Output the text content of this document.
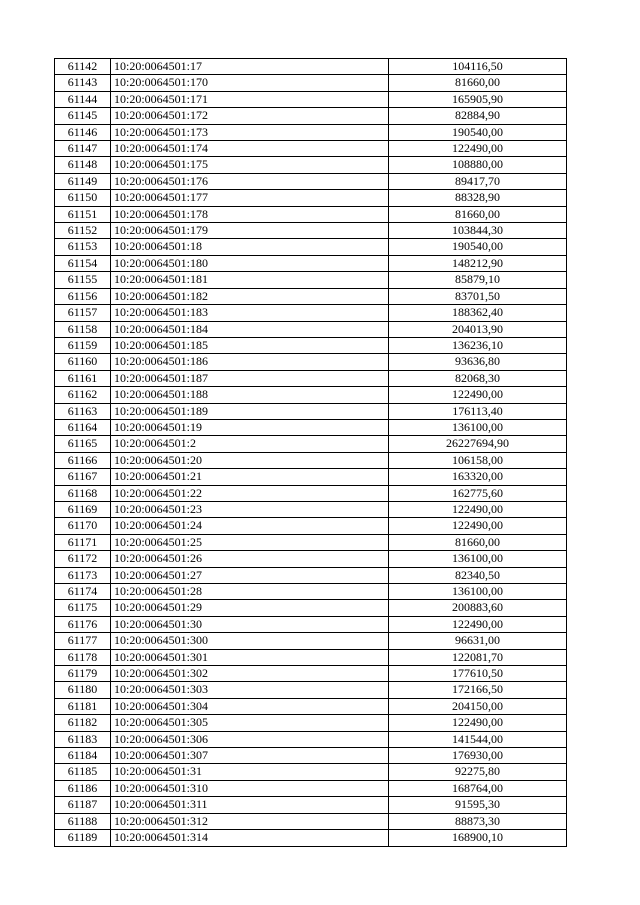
61142	10:20:0064501:17	104116,50
61143	10:20:0064501:170	81660,00
61144	10:20:0064501:171	165905,90
61145	10:20:0064501:172	82884,90
61146	10:20:0064501:173	190540,00
61147	10:20:0064501:174	122490,00
61148	10:20:0064501:175	108880,00
61149	10:20:0064501:176	89417,70
61150	10:20:0064501:177	88328,90
61151	10:20:0064501:178	81660,00
61152	10:20:0064501:179	103844,30
61153	10:20:0064501:18	190540,00
61154	10:20:0064501:180	148212,90
61155	10:20:0064501:181	85879,10
61156	10:20:0064501:182	83701,50
61157	10:20:0064501:183	188362,40
61158	10:20:0064501:184	204013,90
61159	10:20:0064501:185	136236,10
61160	10:20:0064501:186	93636,80
61161	10:20:0064501:187	82068,30
61162	10:20:0064501:188	122490,00
61163	10:20:0064501:189	176113,40
61164	10:20:0064501:19	136100,00
61165	10:20:0064501:2	26227694,90
61166	10:20:0064501:20	106158,00
61167	10:20:0064501:21	163320,00
61168	10:20:0064501:22	162775,60
61169	10:20:0064501:23	122490,00
61170	10:20:0064501:24	122490,00
61171	10:20:0064501:25	81660,00
61172	10:20:0064501:26	136100,00
61173	10:20:0064501:27	82340,50
61174	10:20:0064501:28	136100,00
61175	10:20:0064501:29	200883,60
61176	10:20:0064501:30	122490,00
61177	10:20:0064501:300	96631,00
61178	10:20:0064501:301	122081,70
61179	10:20:0064501:302	177610,50
61180	10:20:0064501:303	172166,50
61181	10:20:0064501:304	204150,00
61182	10:20:0064501:305	122490,00
61183	10:20:0064501:306	141544,00
61184	10:20:0064501:307	176930,00
61185	10:20:0064501:31	92275,80
61186	10:20:0064501:310	168764,00
61187	10:20:0064501:311	91595,30
61188	10:20:0064501:312	88873,30
61189	10:20:0064501:314	168900,10
